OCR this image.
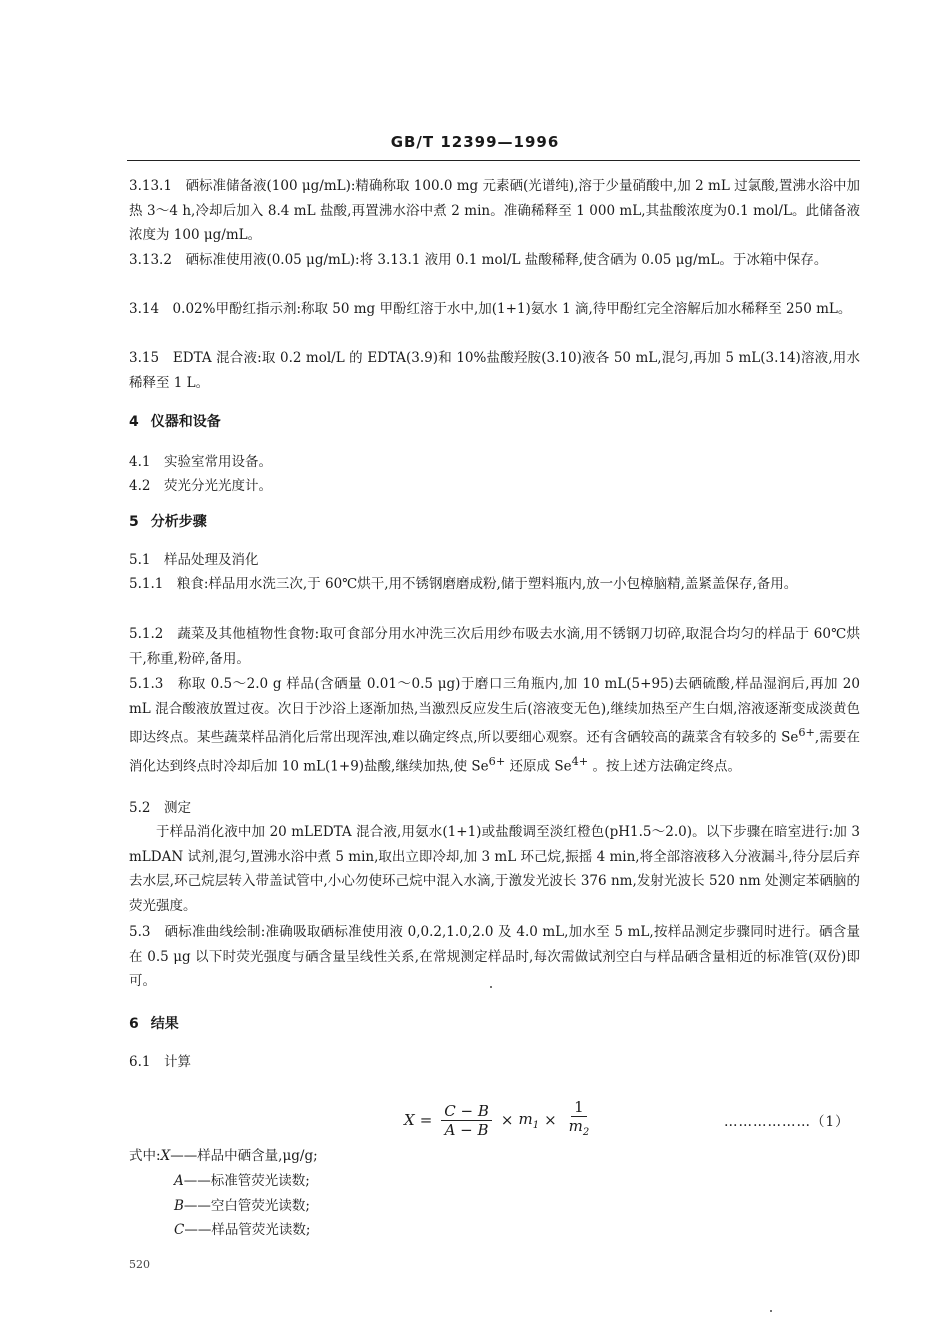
GB/T 12399—1996

3.13.1　硒标准储备液(100 μg/mL):精确称取 100.0 mg 元素硒(光谱纯),溶于少量硝酸中,加 2 mL 过氯酸,置沸水浴中加热 3～4 h,冷却后加入 8.4 mL 盐酸,再置沸水浴中煮 2 min。准确稀释至 1 000 mL,其盐酸浓度为0.1 mol/L。此储备液浓度为 100 μg/mL。

3.13.2　硒标准使用液(0.05 μg/mL):将 3.13.1 液用 0.1 mol/L 盐酸稀释,使含硒为 0.05 μg/mL。于冰箱中保存。

3.14　0.02%甲酚红指示剂:称取 50 mg 甲酚红溶于水中,加(1+1)氨水 1 滴,待甲酚红完全溶解后加水稀释至 250 mL。

3.15　EDTA 混合液:取 0.2 mol/L 的 EDTA(3.9)和 10%盐酸羟胺(3.10)液各 50 mL,混匀,再加 5 mL(3.14)溶液,用水稀释至 1 L。

4 仪器和设备

4.1　实验室常用设备。

4.2　荧光分光光度计。

5 分析步骤

5.1　样品处理及消化

5.1.1　粮食:样品用水洗三次,于 60℃烘干,用不锈钢磨磨成粉,储于塑料瓶内,放一小包樟脑精,盖紧盖保存,备用。

5.1.2　蔬菜及其他植物性食物:取可食部分用水冲洗三次后用纱布吸去水滴,用不锈钢刀切碎,取混合均匀的样品于 60℃烘干,称重,粉碎,备用。

5.1.3　称取 0.5～2.0 g 样品(含硒量 0.01～0.5 μg)于磨口三角瓶内,加 10 mL(5+95)去硒硫酸,样品湿润后,再加 20 mL 混合酸液放置过夜。次日于沙浴上逐渐加热,当激烈反应发生后(溶液变无色),继续加热至产生白烟,溶液逐渐变成淡黄色即达终点。某些蔬菜样品消化后常出现浑浊,难以确定终点,所以要细心观察。还有含硒较高的蔬菜含有较多的 $Se^{6+}$,需要在消化达到终点时冷却后加 10 mL(1+9)盐酸,继续加热,使 $Se^{6+}$ 还原成 $Se^{4+}$ 。按上述方法确定终点。

5.2　测定

于样品消化液中加 20 mLEDTA 混合液,用氨水(1+1)或盐酸调至淡红橙色(pH1.5～2.0)。以下步骤在暗室进行:加 3 mLDAN 试剂,混匀,置沸水浴中煮 5 min,取出立即冷却,加 3 mL 环己烷,振摇 4 min,将全部溶液移入分液漏斗,待分层后弃去水层,环己烷层转入带盖试管中,小心勿使环己烷中混入水滴,于激发光波长 376 nm,发射光波长 520 nm 处测定苯硒脑的荧光强度。

5.3　硒标准曲线绘制:准确吸取硒标准使用液 0,0.2,1.0,2.0 及 4.0 mL,加水至 5 mL,按样品测定步骤同时进行。硒含量在 0.5 μg 以下时荧光强度与硒含量呈线性关系,在常规测定样品时,每次需做试剂空白与样品硒含量相近的标准管(双份)即可。

6 结果

6.1　计算

$X = \frac{C - B}{A - B} \times m_1 \times \frac{1}{m_2}$	………………（1）
式中:X——样品中硒含量,μg/g;
A——标准管荧光读数;
B——空白管荧光读数;
C——样品管荧光读数;
520
